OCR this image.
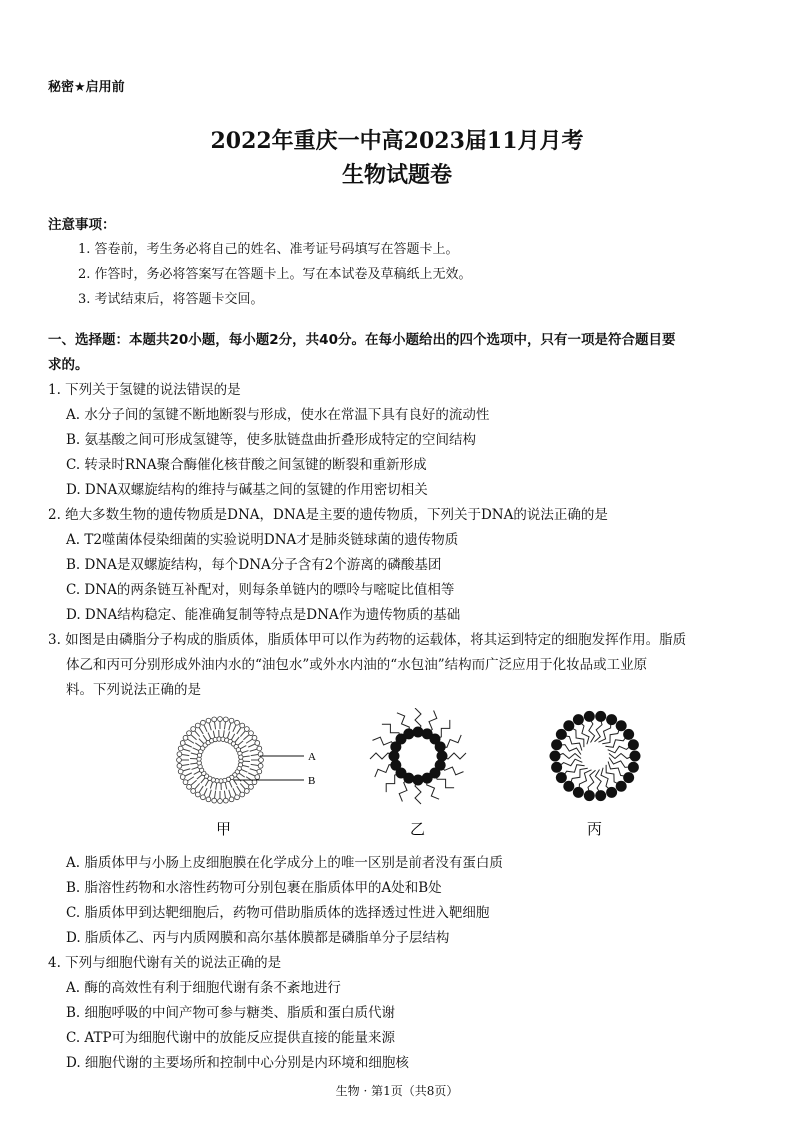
秘密★启用前
2022年重庆一中高2023届11月月考
生物试题卷
注意事项：
1. 答卷前，考生务必将自己的姓名、准考证号码填写在答题卡上。
2. 作答时，务必将答案写在答题卡上。写在本试卷及草稿纸上无效。
3. 考试结束后，将答题卡交回。
一、选择题：本题共20小题，每小题2分，共40分。在每小题给出的四个选项中，只有一项是符合题目要
求的。
1. 下列关于氢键的说法错误的是
A. 水分子间的氢键不断地断裂与形成，使水在常温下具有良好的流动性
B. 氨基酸之间可形成氢键等，使多肽链盘曲折叠形成特定的空间结构
C. 转录时RNA聚合酶催化核苷酸之间氢键的断裂和重新形成
D. DNA双螺旋结构的维持与碱基之间的氢键的作用密切相关
2. 绝大多数生物的遗传物质是DNA，DNA是主要的遗传物质，下列关于DNA的说法正确的是
A. T2噬菌体侵染细菌的实验说明DNA才是肺炎链球菌的遗传物质
B. DNA是双螺旋结构，每个DNA分子含有2个游离的磷酸基团
C. DNA的两条链互补配对，则每条单链内的嘌呤与嘧啶比值相等
D. DNA结构稳定、能准确复制等特点是DNA作为遗传物质的基础
3. 如图是由磷脂分子构成的脂质体，脂质体甲可以作为药物的运载体，将其运到特定的细胞发挥作用。脂质
体乙和丙可分别形成外油内水的“油包水”或外水内油的“水包油”结构而广泛应用于化妆品或工业原
料。下列说法正确的是
A
B
甲	乙	丙
A. 脂质体甲与小肠上皮细胞膜在化学成分上的唯一区别是前者没有蛋白质
B. 脂溶性药物和水溶性药物可分别包裹在脂质体甲的A处和B处
C. 脂质体甲到达靶细胞后，药物可借助脂质体的选择透过性进入靶细胞
D. 脂质体乙、丙与内质网膜和高尔基体膜都是磷脂单分子层结构
4. 下列与细胞代谢有关的说法正确的是
A. 酶的高效性有利于细胞代谢有条不紊地进行
B. 细胞呼吸的中间产物可参与糖类、脂质和蛋白质代谢
C. ATP可为细胞代谢中的放能反应提供直接的能量来源
D. 细胞代谢的主要场所和控制中心分别是内环境和细胞核
生物 · 第1页（共8页）
